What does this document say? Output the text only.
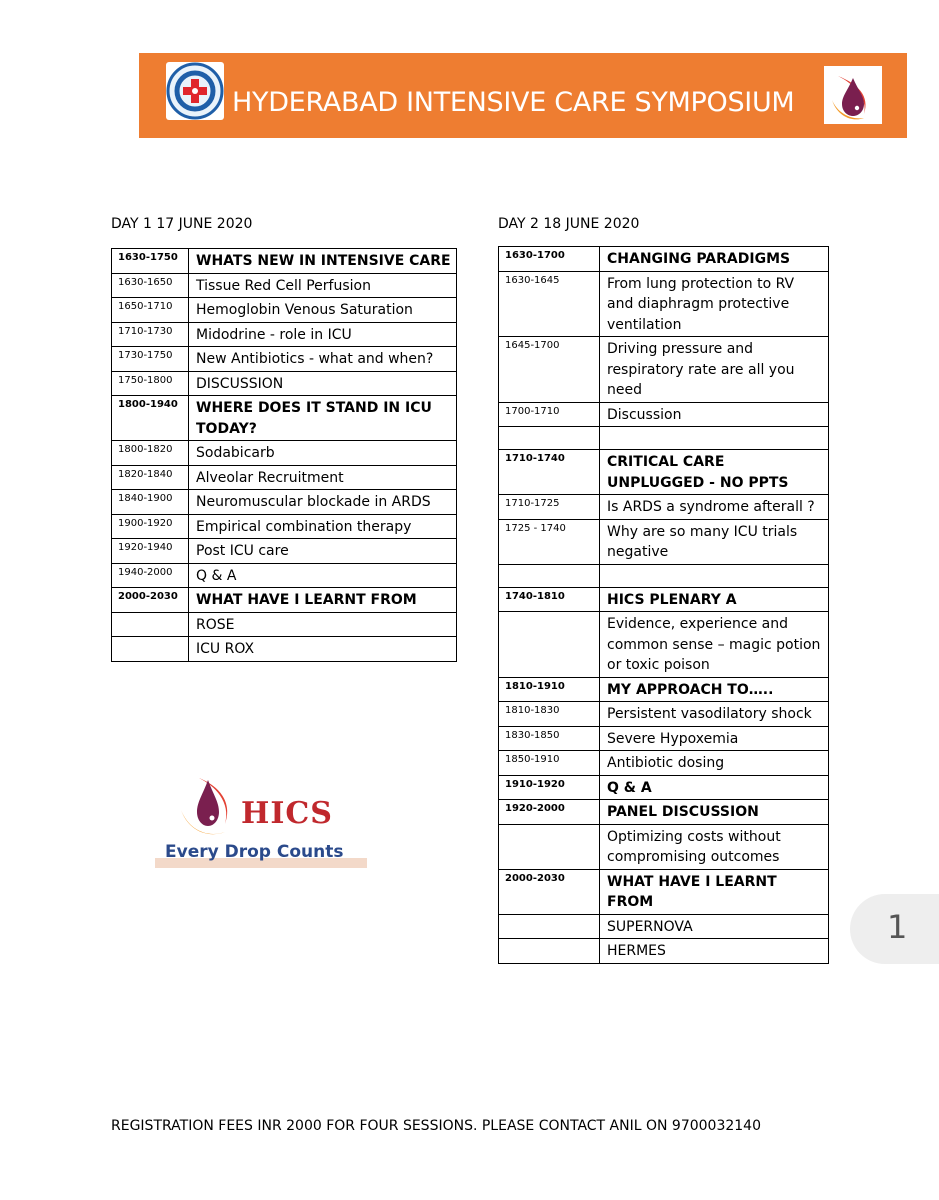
HYDERABAD INTENSIVE CARE SYMPOSIUM
DAY 1 17 JUNE 2020	DAY 2 18 JUNE 2020
1630-1750	WHATS NEW IN INTENSIVE CARE
1630-1650	Tissue Red Cell Perfusion
1650-1710	Hemoglobin Venous Saturation
1710-1730	Midodrine - role in ICU
1730-1750	New Antibiotics - what and when?
1750-1800	DISCUSSION
1800-1940	WHERE DOES IT STAND IN ICU TODAY?
1800-1820	Sodabicarb
1820-1840	Alveolar Recruitment
1840-1900	Neuromuscular blockade in ARDS
1900-1920	Empirical combination therapy
1920-1940	Post ICU care
1940-2000	Q & A
2000-2030	WHAT HAVE I LEARNT FROM
	ROSE
	ICU ROX
1630-1700	CHANGING PARADIGMS
1630-1645	From lung protection to RV and diaphragm protective ventilation
1645-1700	Driving pressure and respiratory rate are all you need
1700-1710	Discussion

1710-1740	CRITICAL CARE UNPLUGGED - NO PPTS
1710-1725	Is ARDS a syndrome afterall ?
1725 - 1740	Why are so many ICU trials negative

1740-1810	HICS PLENARY A
	Evidence, experience and common sense – magic potion or toxic poison
1810-1910	MY APPROACH TO…..
1810-1830	Persistent vasodilatory shock
1830-1850	Severe Hypoxemia
1850-1910	Antibiotic dosing
1910-1920	Q & A
1920-2000	PANEL DISCUSSION
	Optimizing costs without compromising outcomes
2000-2030	WHAT HAVE I LEARNT FROM
	SUPERNOVA
	HERMES
HICS
Every Drop Counts
1
REGISTRATION FEES INR 2000 FOR FOUR SESSIONS. PLEASE CONTACT ANIL ON 9700032140
